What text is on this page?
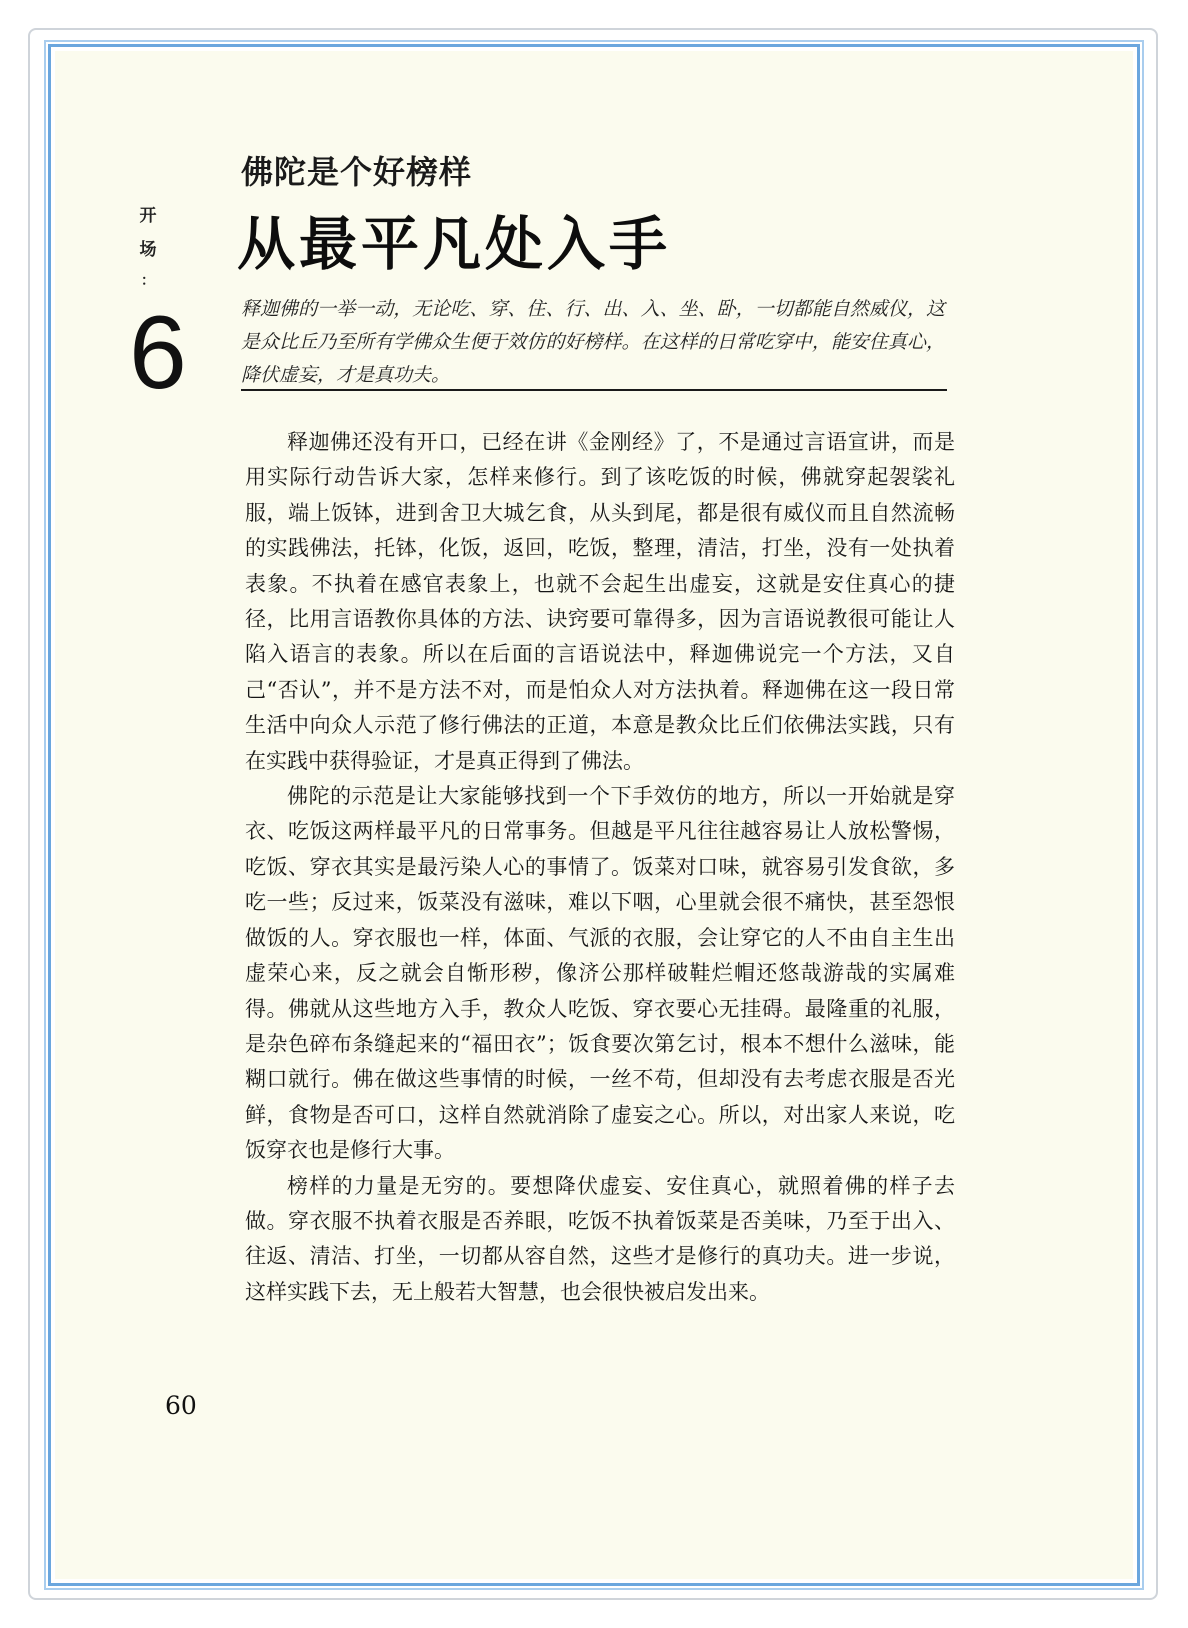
开
场
：
6
佛陀是个好榜样
从最平凡处入手
释迦佛的一举一动，无论吃、穿、住、行、出、入、坐、卧，一切都能自然威仪，这是众比丘乃至所有学佛众生便于效仿的好榜样。在这样的日常吃穿中，能安住真心，降伏虚妄，才是真功夫。

释迦佛还没有开口，已经在讲《金刚经》了，不是通过言语宣讲，而是用实际行动告诉大家，怎样来修行。到了该吃饭的时候，佛就穿起袈裟礼服，端上饭钵，进到舍卫大城乞食，从头到尾，都是很有威仪而且自然流畅的实践佛法，托钵，化饭，返回，吃饭，整理，清洁，打坐，没有一处执着表象。不执着在感官表象上，也就不会起生出虚妄，这就是安住真心的捷径，比用言语教你具体的方法、诀窍要可靠得多，因为言语说教很可能让人陷入语言的表象。所以在后面的言语说法中，释迦佛说完一个方法，又自己“否认”，并不是方法不对，而是怕众人对方法执着。释迦佛在这一段日常生活中向众人示范了修行佛法的正道，本意是教众比丘们依佛法实践，只有在实践中获得验证，才是真正得到了佛法。

佛陀的示范是让大家能够找到一个下手效仿的地方，所以一开始就是穿衣、吃饭这两样最平凡的日常事务。但越是平凡往往越容易让人放松警惕，吃饭、穿衣其实是最污染人心的事情了。饭菜对口味，就容易引发食欲，多吃一些；反过来，饭菜没有滋味，难以下咽，心里就会很不痛快，甚至怨恨做饭的人。穿衣服也一样，体面、气派的衣服，会让穿它的人不由自主生出虚荣心来，反之就会自惭形秽，像济公那样破鞋烂帽还悠哉游哉的实属难得。佛就从这些地方入手，教众人吃饭、穿衣要心无挂碍。最隆重的礼服，是杂色碎布条缝起来的“福田衣”；饭食要次第乞讨，根本不想什么滋味，能糊口就行。佛在做这些事情的时候，一丝不苟，但却没有去考虑衣服是否光鲜，食物是否可口，这样自然就消除了虚妄之心。所以，对出家人来说，吃饭穿衣也是修行大事。

榜样的力量是无穷的。要想降伏虚妄、安住真心，就照着佛的样子去做。穿衣服不执着衣服是否养眼，吃饭不执着饭菜是否美味，乃至于出入、往返、清洁、打坐，一切都从容自然，这些才是修行的真功夫。进一步说，这样实践下去，无上般若大智慧，也会很快被启发出来。

60
